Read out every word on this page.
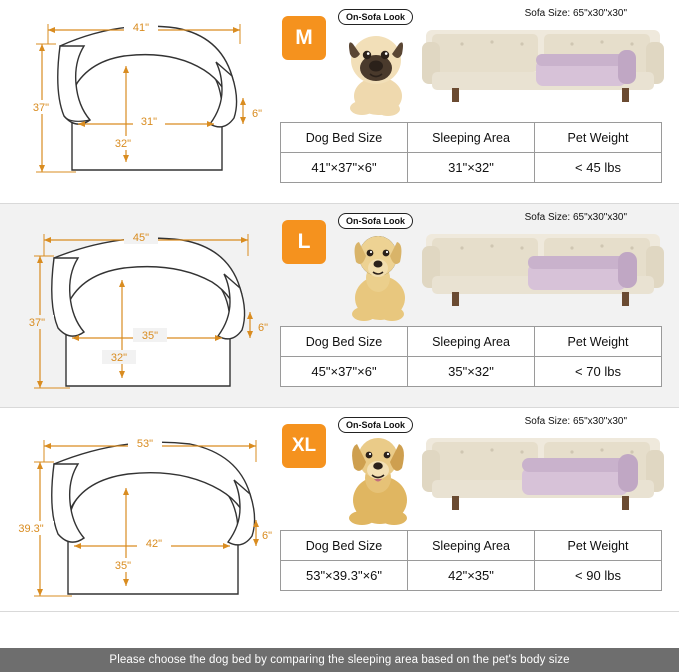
41"
37"
31"
32"
6"
M
On-Sofa Look	Sofa Size: 65"x30"x30"
Dog Bed Size	Sleeping Area	Pet Weight
41"×37"×6"	31"×32"	< 45 lbs
45"
37"
35"
32"
6"
L
On-Sofa Look	Sofa Size: 65"x30"x30"
Dog Bed Size	Sleeping Area	Pet Weight
45"×37"×6"	35"×32"	< 70 lbs
53"
39.3"
42"
35"
6"
XL
On-Sofa Look	Sofa Size: 65"x30"x30"
Dog Bed Size	Sleeping Area	Pet Weight
53"×39.3"×6"	42"×35"	< 90 lbs
Please choose the dog bed by comparing the sleeping area based on the pet's body size
